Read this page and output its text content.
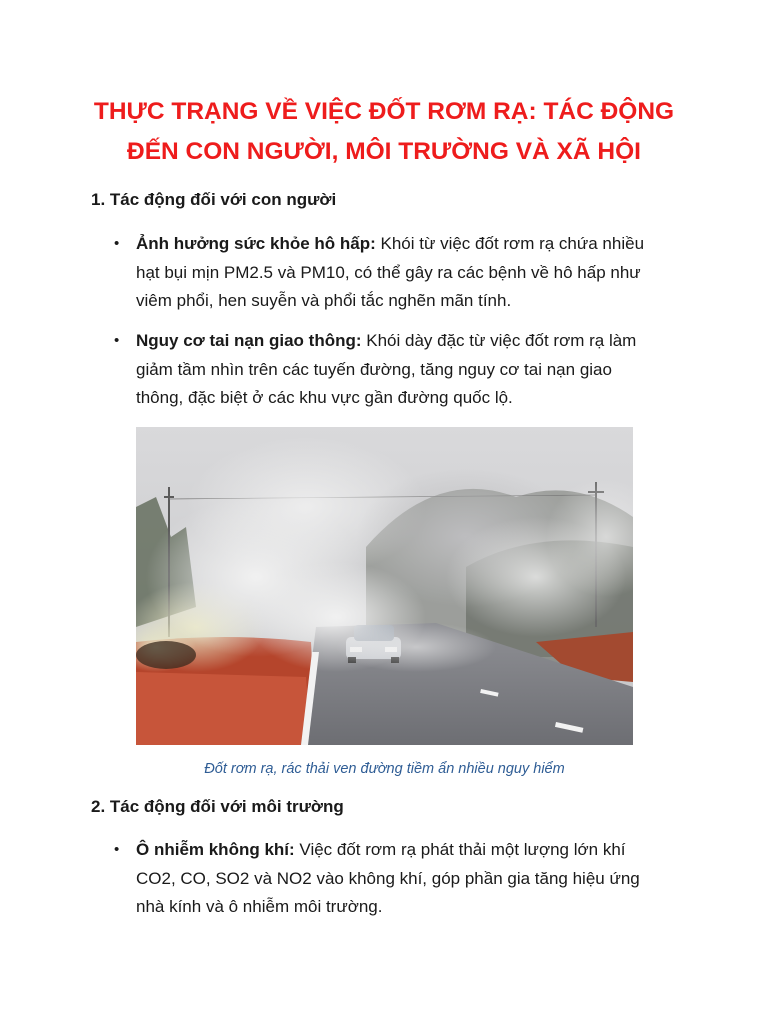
THỰC TRẠNG VỀ VIỆC ĐỐT RƠM RẠ: TÁC ĐỘNG
ĐẾN CON NGƯỜI, MÔI TRƯỜNG VÀ XÃ HỘI
1. Tác động đối với con người

• Ảnh hưởng sức khỏe hô hấp: Khói từ việc đốt rơm rạ chứa nhiều
hạt bụi mịn PM2.5 và PM10, có thể gây ra các bệnh về hô hấp như
viêm phổi, hen suyễn và phổi tắc nghẽn mãn tính.

• Nguy cơ tai nạn giao thông: Khói dày đặc từ việc đốt rơm rạ làm
giảm tầm nhìn trên các tuyến đường, tăng nguy cơ tai nạn giao
thông, đặc biệt ở các khu vực gần đường quốc lộ.

Đốt rơm rạ, rác thải ven đường tiềm ẩn nhiều nguy hiểm

2. Tác động đối với môi trường

• Ô nhiễm không khí: Việc đốt rơm rạ phát thải một lượng lớn khí
CO2, CO, SO2 và NO2 vào không khí, góp phần gia tăng hiệu ứng
nhà kính và ô nhiễm môi trường.
